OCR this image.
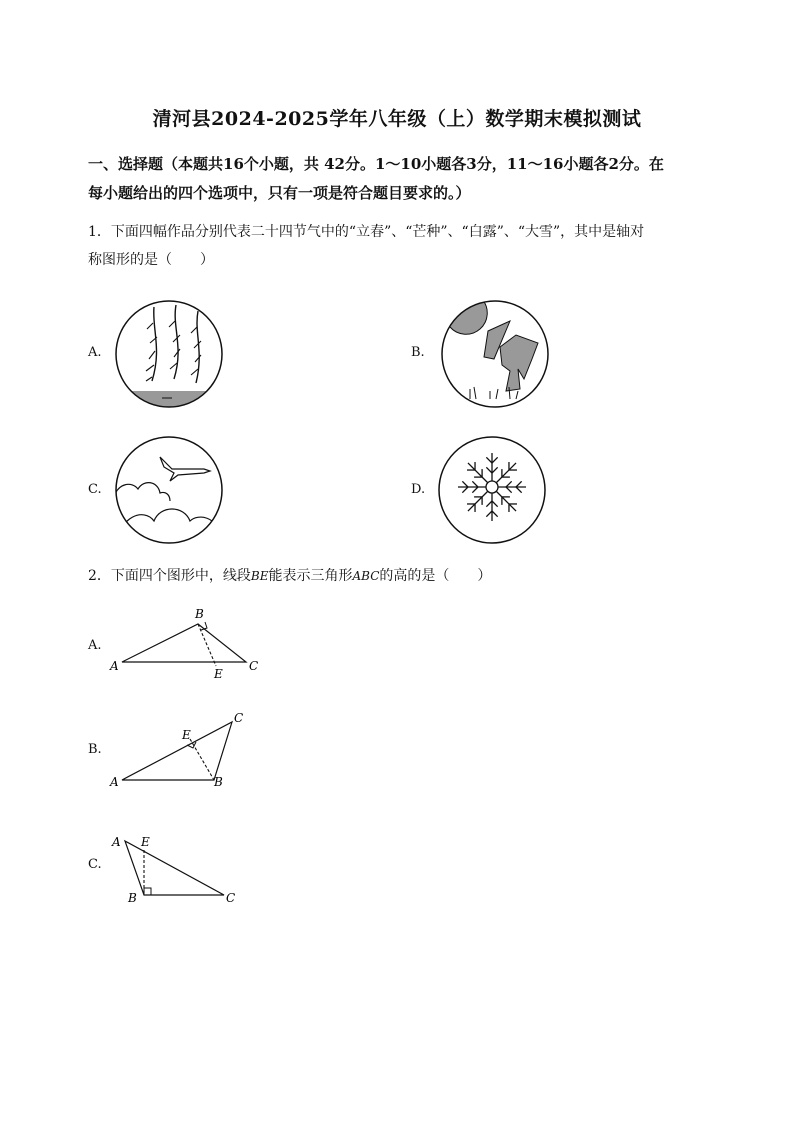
清河县2024-2025学年八年级（上）数学期末模拟测试
一、选择题（本题共16个小题，共 42分。1～10小题各3分，11～16小题各2分。在
每小题给出的四个选项中，只有一项是符合题目要求的。）
1．下面四幅作品分别代表二十四节气中的“立春”、“芒种”、“白露”、“大雪”，其中是轴对
称图形的是（　　）
A.	B.
C.	D.
2．下面四个图形中，线段BE能表示三角形ABC的高的是（　　）
A.
A
B
C
E
B.
A	B
C
E
C.
A E
B	C
